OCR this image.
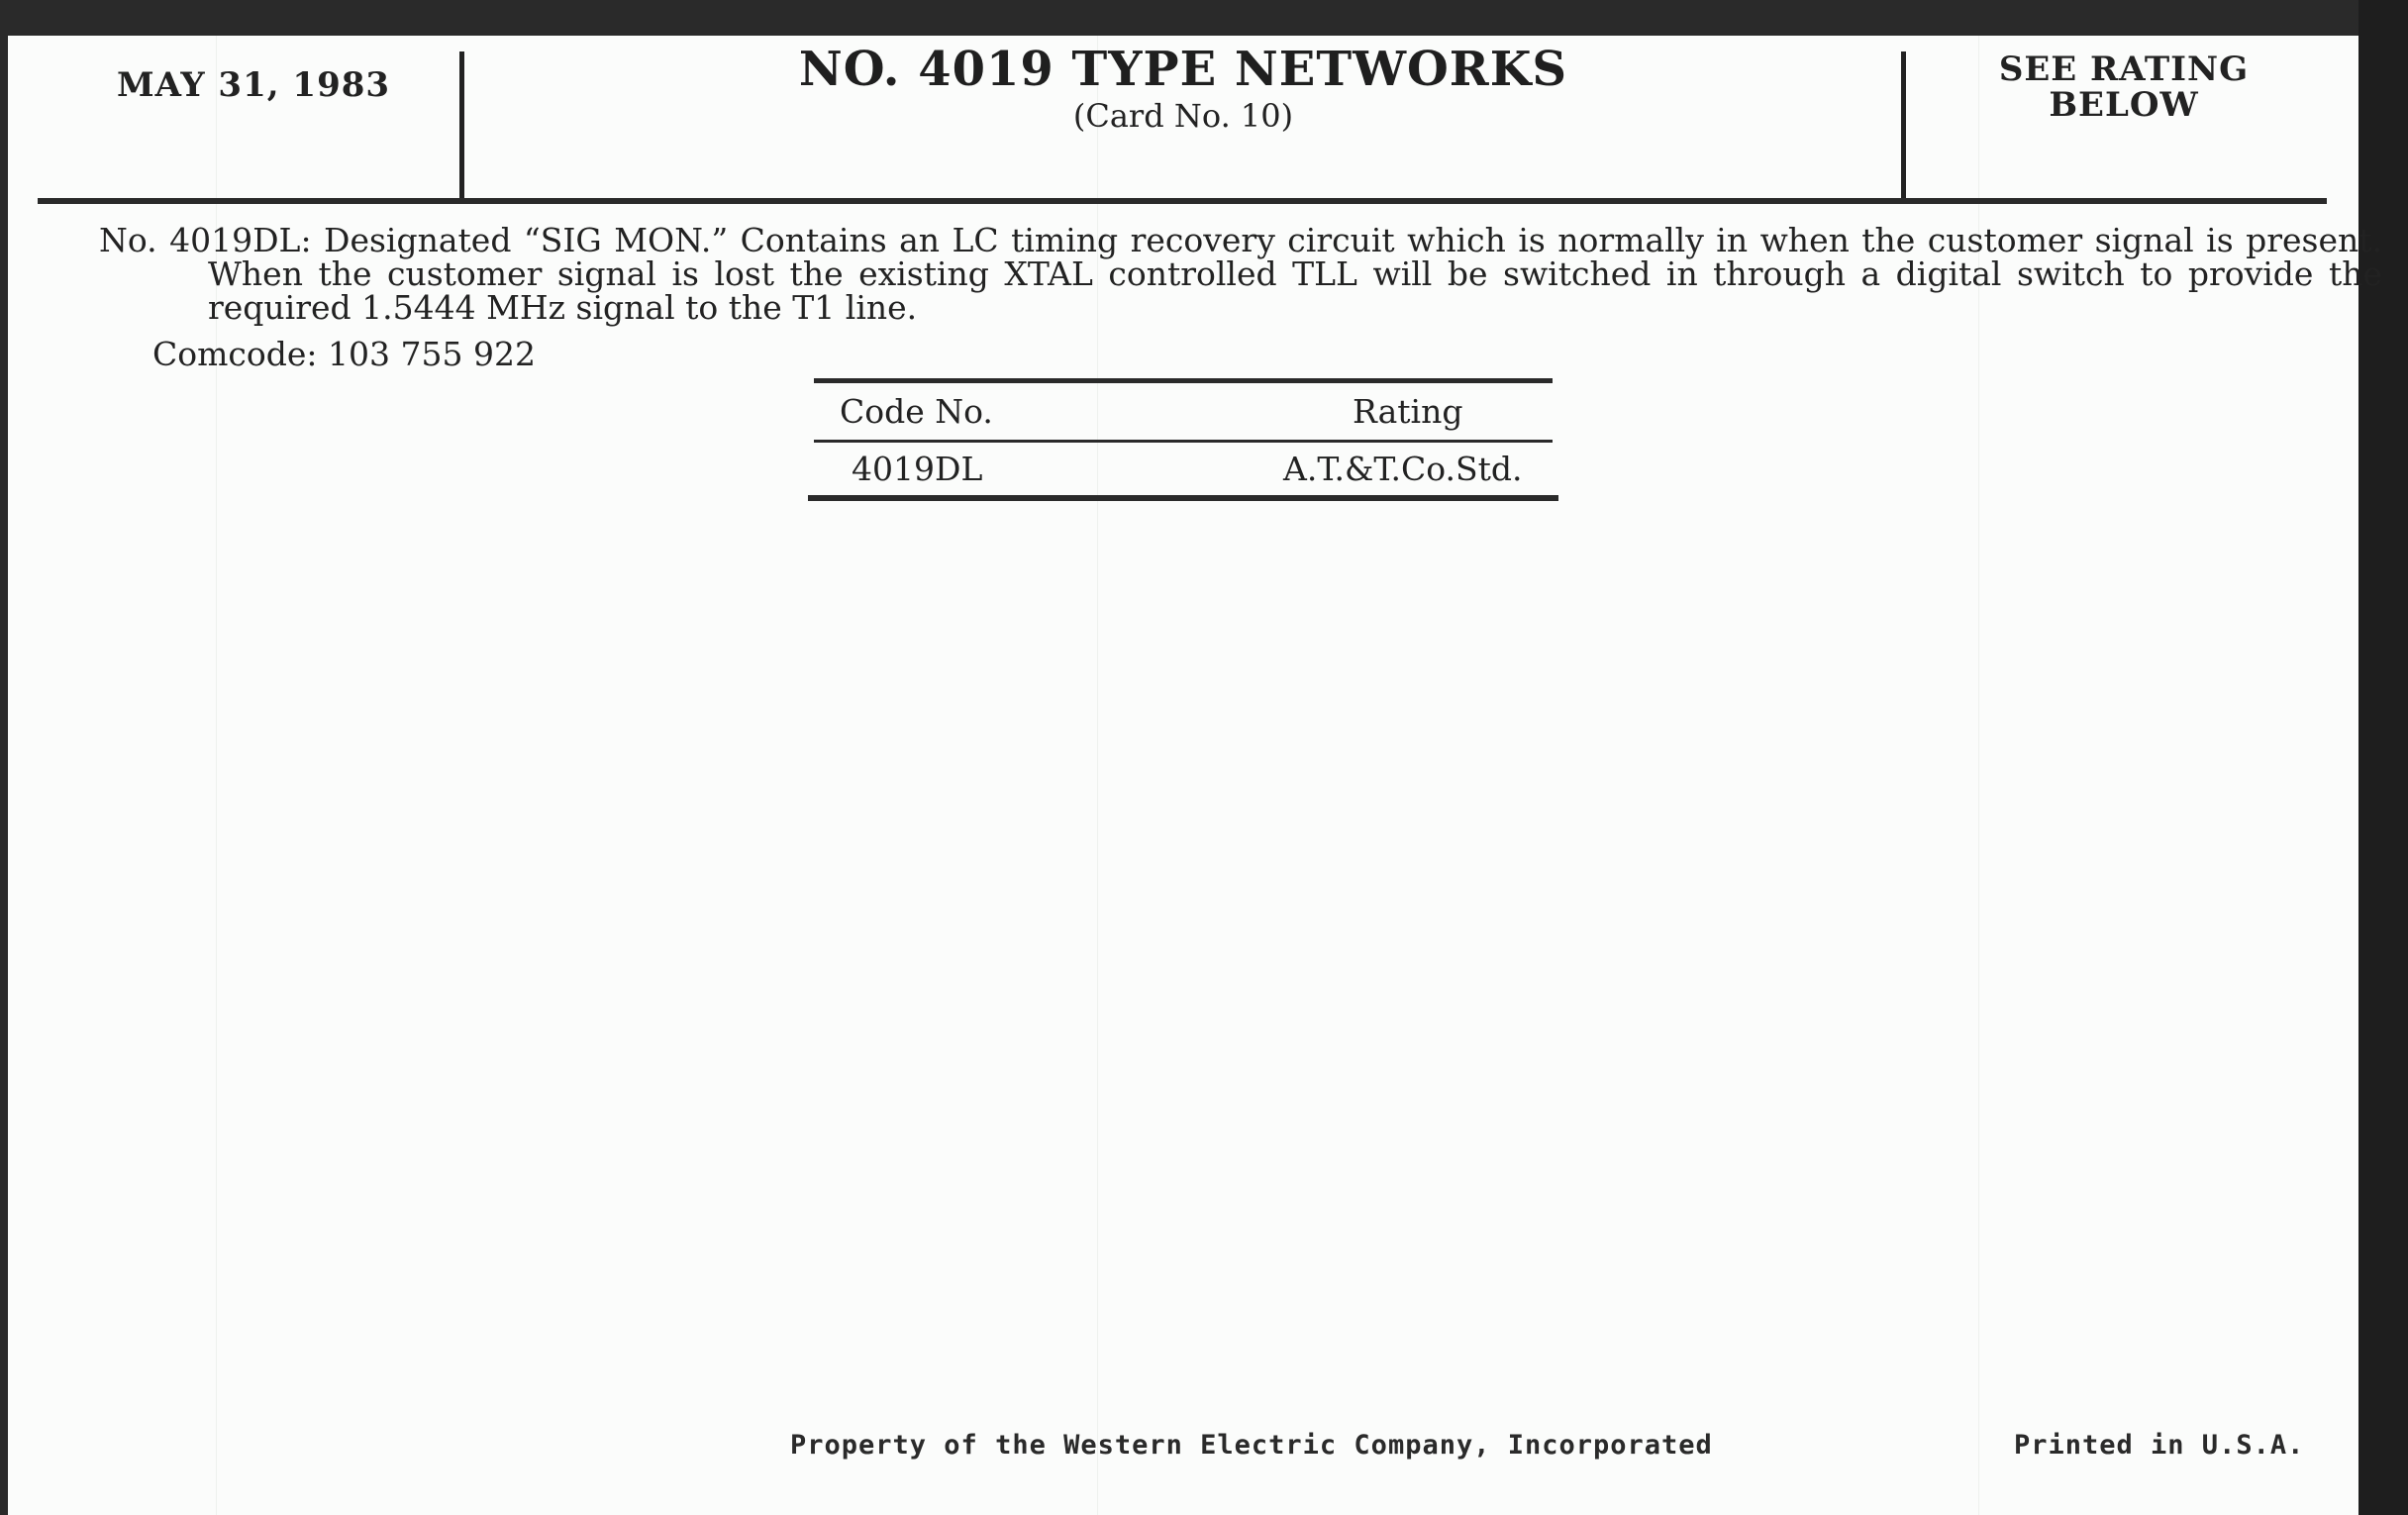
MAY 31, 1983	NO. 4019 TYPE NETWORKS
(Card No. 10)
SEE RATING
BELOW
No. 4019DL: Designated “SIG MON.” Contains an LC timing recovery circuit which is normally in when the customer signal is present. When the customer signal is lost the existing XTAL controlled TLL will be switched in through a digital switch to provide the required 1.5444 MHz signal to the T1 line.
Comcode: 103 755 922
Code No.	Rating
4019DL	A.T.&T.Co.Std.
Property of the Western Electric Company, Incorporated	Printed in U.S.A.
